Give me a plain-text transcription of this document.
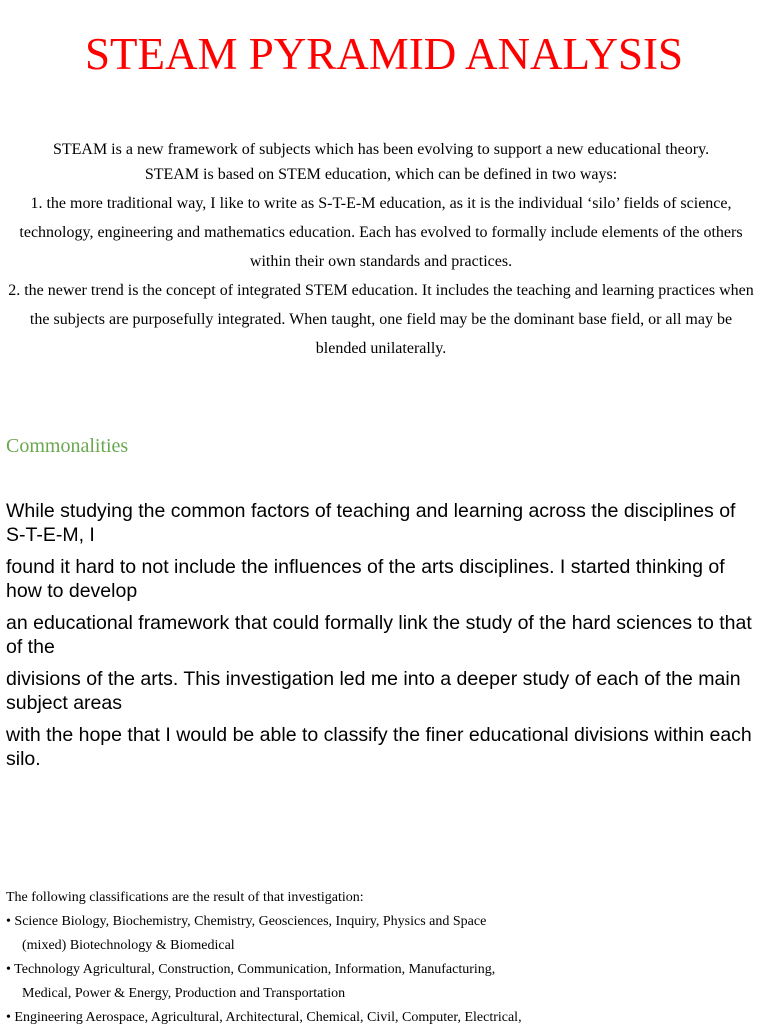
STEAM PYRAMID ANALYSIS

STEAM is a new framework of subjects which has been evolving to support a new educational theory.

STEAM is based on STEM education, which can be defined in two ways:

1. the more traditional way, I like to write as S-T-E-M education, as it is the individual ‘silo’ fields of science, technology, engineering and mathematics education. Each has evolved to formally include elements of the others within their own standards and practices.

2. the newer trend is the concept of integrated STEM education. It includes the teaching and learning practices when the subjects are purposefully integrated. When taught, one field may be the dominant base field, or all may be blended unilaterally.

Commonalities

While studying the common factors of teaching and learning across the disciplines of S-T-E-M, I

found it hard to not include the influences of the arts disciplines. I started thinking of how to develop

an educational framework that could formally link the study of the hard sciences to that of the

divisions of the arts. This investigation led me into a deeper study of each of the main subject areas

with the hope that I would be able to classify the finer educational divisions within each silo.

The following classifications are the result of that investigation:

• Science Biology, Biochemistry, Chemistry, Geosciences, Inquiry, Physics and Space

(mixed) Biotechnology & Biomedical

• Technology Agricultural, Construction, Communication, Information, Manufacturing,

Medical, Power & Energy, Production and Transportation

• Engineering Aerospace, Agricultural, Architectural, Chemical, Civil, Computer, Electrical,
